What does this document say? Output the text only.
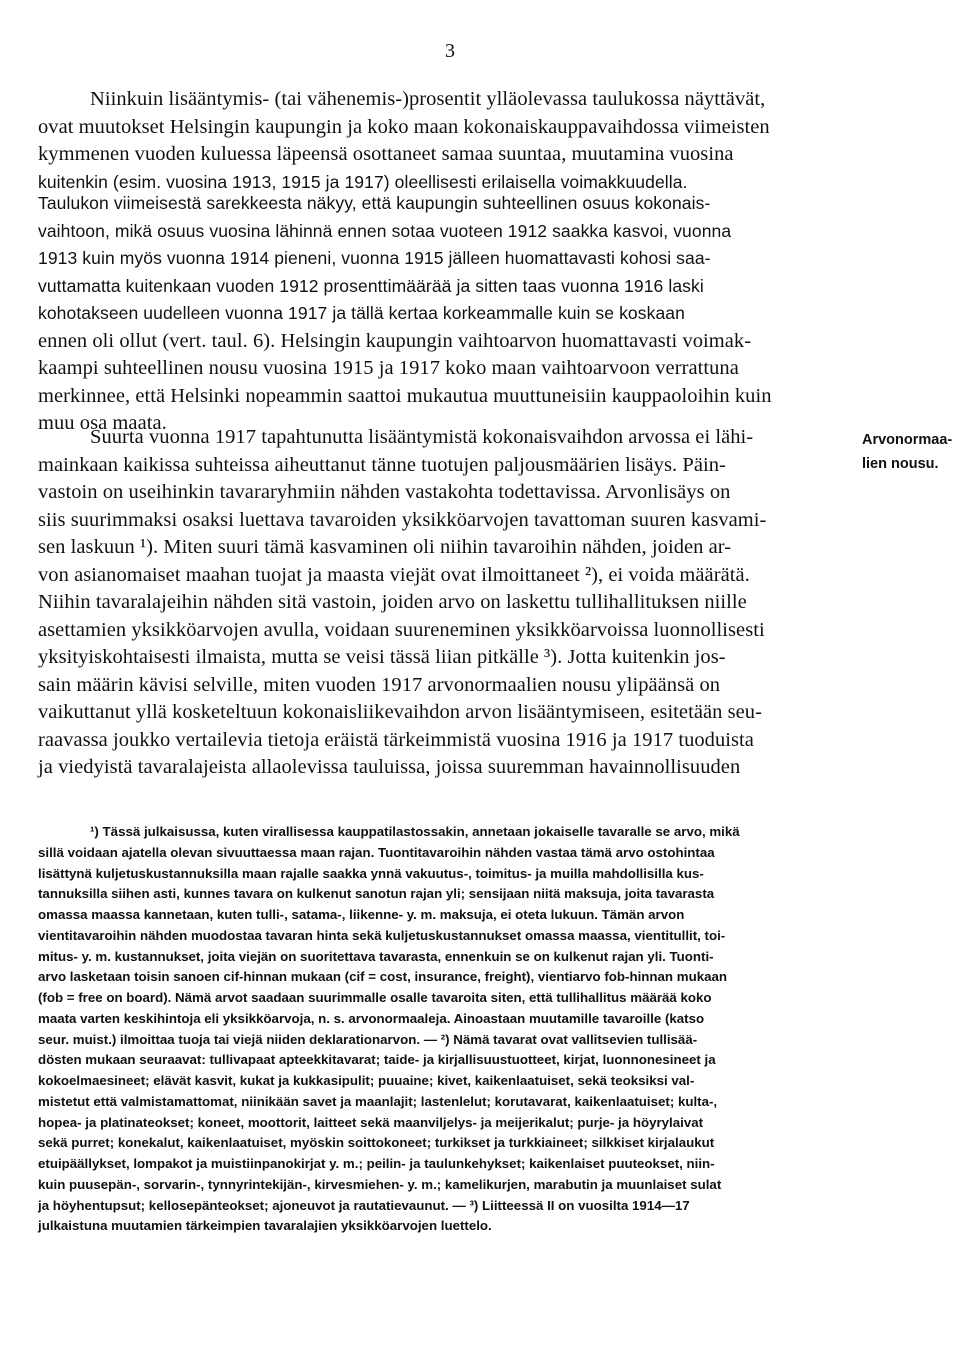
3
Niinkuin lisääntymis- (tai vähenemis-)prosentit ylläolevassa taulukossa näyttävät,
ovat muutokset Helsingin kaupungin ja koko maan kokonaiskauppavaihdossa viimeisten
kymmenen vuoden kuluessa läpeensä osottaneet samaa suuntaa, muutamina vuosina
kuitenkin (esim. vuosina 1913, 1915 ja 1917) oleellisesti erilaisella voimakkuudella.
Taulukon viimeisestä sarekkeesta näkyy, että kaupungin suhteellinen osuus kokonais-
vaihtoon, mikä osuus vuosina lähinnä ennen sotaa vuoteen 1912 saakka kasvoi, vuonna
1913 kuin myös vuonna 1914 pieneni, vuonna 1915 jälleen huomattavasti kohosi saa-
vuttamatta kuitenkaan vuoden 1912 prosenttimäärää ja sitten taas vuonna 1916 laski
kohotakseen uudelleen vuonna 1917 ja tällä kertaa korkeammalle kuin se koskaan
ennen oli ollut (vert. taul. 6). Helsingin kaupungin vaihtoarvon huomattavasti voimak-
kaampi suhteellinen nousu vuosina 1915 ja 1917 koko maan vaihtoarvoon verrattuna
merkinnee, että Helsinki nopeammin saattoi mukautua muuttuneisiin kauppaoloihin kuin
muu osa maata.
Suurta vuonna 1917 tapahtunutta lisääntymistä kokonaisvaihdon arvossa ei lähi-
mainkaan kaikissa suhteissa aiheuttanut tänne tuotujen paljousmäärien lisäys. Päin-
vastoin on useihinkin tavararyhmiin nähden vastakohta todettavissa. Arvonlisäys on
siis suurimmaksi osaksi luettava tavaroiden yksikköarvojen tavattoman suuren kasvami-
sen laskuun ¹). Miten suuri tämä kasvaminen oli niihin tavaroihin nähden, joiden ar-
von asianomaiset maahan tuojat ja maasta viejät ovat ilmoittaneet ²), ei voida määrätä.
Niihin tavaralajeihin nähden sitä vastoin, joiden arvo on laskettu tullihallituksen niille
asettamien yksikköarvojen avulla, voidaan suureneminen yksikköarvoissa luonnollisesti
yksityiskohtaisesti ilmaista, mutta se veisi tässä liian pitkälle ³). Jotta kuitenkin jos-
sain määrin kävisi selville, miten vuoden 1917 arvonormaalien nousu ylipäänsä on
vaikuttanut yllä kosketeltuun kokonaisliikevaihdon arvon lisääntymiseen, esitetään seu-
raavassa joukko vertailevia tietoja eräistä tärkeimmistä vuosina 1916 ja 1917 tuoduista
ja viedyistä tavaralajeista allaolevissa tauluissa, joissa suuremman havainnollisuuden
Arvonormaa-
lien nousu.
¹) Tässä julkaisussa, kuten virallisessa kauppatilastossakin, annetaan jokaiselle tavaralle se arvo, mikä
sillä voidaan ajatella olevan sivuuttaessa maan rajan. Tuontitavaroihin nähden vastaa tämä arvo ostohintaa
lisättynä kuljetuskustannuksilla maan rajalle saakka ynnä vakuutus-, toimitus- ja muilla mahdollisilla kus-
tannuksilla siihen asti, kunnes tavara on kulkenut sanotun rajan yli; sensijaan niitä maksuja, joita tavarasta
omassa maassa kannetaan, kuten tulli-, satama-, liikenne- y. m. maksuja, ei oteta lukuun. Tämän arvon
vientitavaroihin nähden muodostaa tavaran hinta sekä kuljetuskustannukset omassa maassa, vientitullit, toi-
mitus- y. m. kustannukset, joita viejän on suoritettava tavarasta, ennenkuin se on kulkenut rajan yli. Tuonti-
arvo lasketaan toisin sanoen cif-hinnan mukaan (cif = cost, insurance, freight), vientiarvo fob-hinnan mukaan
(fob = free on board). Nämä arvot saadaan suurimmalle osalle tavaroita siten, että tullihallitus määrää koko
maata varten keskihintoja eli yksikköarvoja, n. s. arvonormaaleja. Ainoastaan muutamille tavaroille (katso
seur. muist.) ilmoittaa tuoja tai viejä niiden deklarationarvon. — ²) Nämä tavarat ovat vallitsevien tullisää-
dösten mukaan seuraavat: tullivapaat apteekkitavarat; taide- ja kirjallisuustuotteet, kirjat, luonnonesineet ja
kokoelmaesineet; elävät kasvit, kukat ja kukkasipulit; puuaine; kivet, kaikenlaatuiset, sekä teoksiksi val-
mistetut että valmistamattomat, niinikään savet ja maanlajit; lastenlelut; korutavarat, kaikenlaatuiset; kulta-,
hopea- ja platinateokset; koneet, moottorit, laitteet sekä maanviljelys- ja meijerikalut; purje- ja höyrylaivat
sekä purret; konekalut, kaikenlaatuiset, myöskin soittokoneet; turkikset ja turkkiaineet; silkkiset kirjalaukut
etuipäällykset, lompakot ja muistiinpanokirjat y. m.; peilin- ja taulunkehykset; kaikenlaiset puuteokset, niin-
kuin puusepän-, sorvarin-, tynnyrintekijän-, kirvesmiehen- y. m.; kamelikurjen, marabutin ja muunlaiset sulat
ja höyhentupsut; kellosepänteokset; ajoneuvot ja rautatievaunut. — ³) Liitteessä II on vuosilta 1914—17
julkaistuna muutamien tärkeimpien tavaralajien yksikköarvojen luettelo.
